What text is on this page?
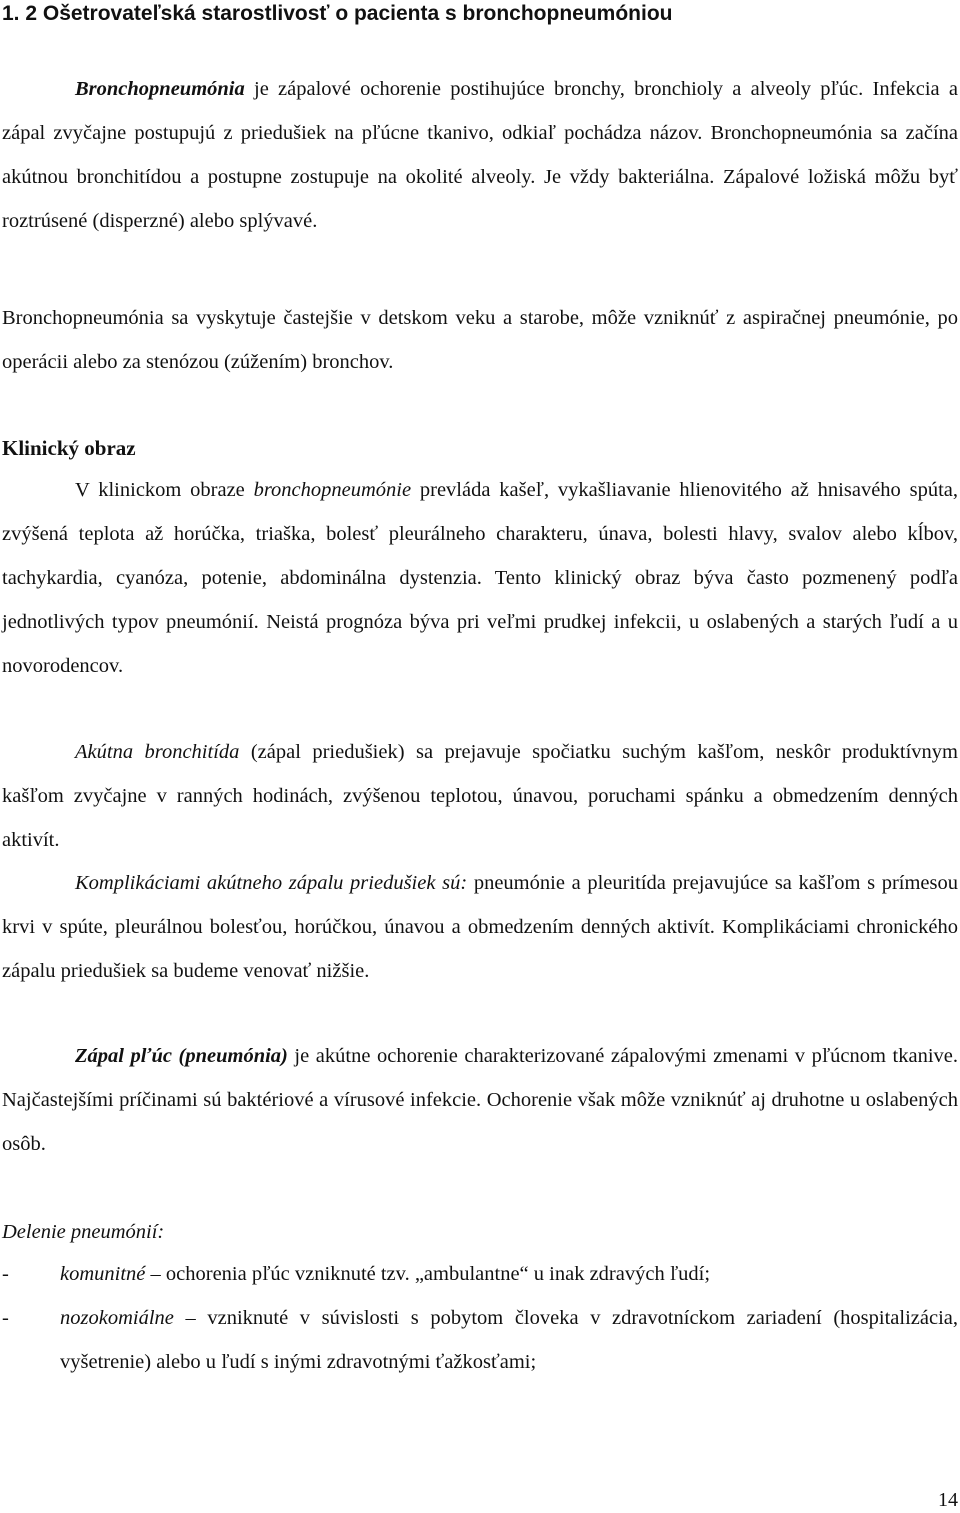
1. 2 Ošetrovateľská starostlivosť o pacienta s bronchopneumóniou

Bronchopneumónia je zápalové ochorenie postihujúce bronchy, bronchioly a alveoly pľúc. Infekcia a zápal zvyčajne postupujú z priedušiek na pľúcne tkanivo, odkiaľ pochádza názov. Bronchopneumónia sa začína akútnou bronchitídou a postupne zostupuje na okolité alveoly. Je vždy bakteriálna. Zápalové ložiská môžu byť roztrúsené (disperzné) alebo splývavé.

Bronchopneumónia sa vyskytuje častejšie v detskom veku a starobe, môže vzniknúť z aspiračnej pneumónie, po operácii alebo za stenózou (zúžením) bronchov.

Klinický obraz

V klinickom obraze bronchopneumónie prevláda kašeľ, vykašliavanie hlienovitého až hnisavého spúta, zvýšená teplota až horúčka, triaška, bolesť pleurálneho charakteru, únava, bolesti hlavy, svalov alebo kĺbov, tachykardia, cyanóza, potenie, abdominálna dystenzia. Tento klinický obraz býva často pozmenený podľa jednotlivých typov pneumónií. Neistá prognóza býva pri veľmi prudkej infekcii, u oslabených a starých ľudí a u novorodencov.

Akútna bronchitída (zápal priedušiek) sa prejavuje spočiatku suchým kašľom, neskôr produktívnym kašľom zvyčajne v ranných hodinách, zvýšenou teplotou, únavou, poruchami spánku a obmedzením denných aktivít.

Komplikáciami akútneho zápalu priedušiek sú: pneumónie a pleuritída prejavujúce sa kašľom s prímesou krvi v spúte, pleurálnou bolesťou, horúčkou, únavou a obmedzením denných aktivít. Komplikáciami chronického zápalu priedušiek sa budeme venovať nižšie.

Zápal pľúc (pneumónia) je akútne ochorenie charakterizované zápalovými zmenami v pľúcnom tkanive. Najčastejšími príčinami sú baktériové a vírusové infekcie. Ochorenie však môže vzniknúť aj druhotne u oslabených osôb.

Delenie pneumónií:

- komunitné – ochorenia pľúc vzniknuté tzv. „ambulantne“ u inak zdravých ľudí;
- nozokomiálne – vzniknuté v súvislosti s pobytom človeka v zdravotníckom zariadení (hospitalizácia, vyšetrenie) alebo u ľudí s inými zdravotnými ťažkosťami;
14
